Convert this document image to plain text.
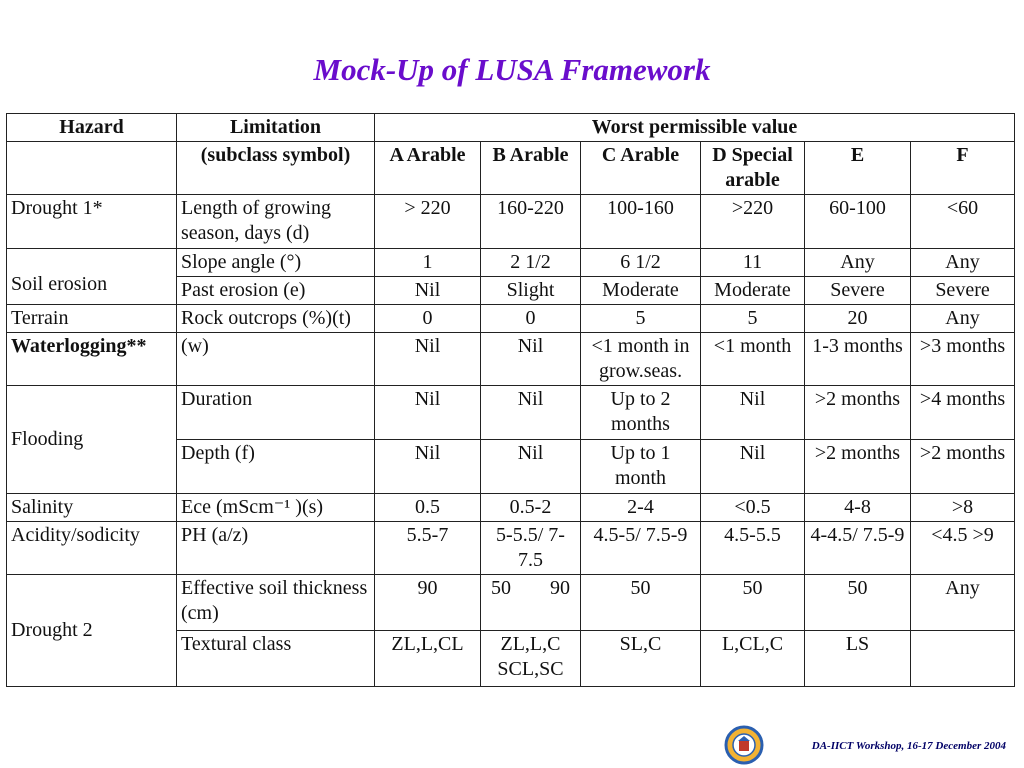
Mock-Up of LUSA Framework
Hazard	Limitation	Worst permissible value					
	(subclass symbol)	A Arable	B Arable	C Arable	D Special arable	E	F
Drought 1*	Length of growing season, days (d)	> 220	160-220	100-160	>220	60-100	<60
	Slope angle (°)	1	2 1/2	6 1/2	11	Any	Any
Soil erosion	Past erosion (e)	Nil	Slight	Moderate	Moderate	Severe	Severe
Terrain	Rock outcrops (%)(t)	0	0	5	5	20	Any
Waterlogging**	(w)	Nil	Nil	<1 month in grow.seas.	<1 month	1-3 months	>3 months
Flooding	Duration	Nil	Nil	Up to 2 months	Nil	>2 months	>4 months
	Depth (f)	Nil	Nil	Up to 1 month	Nil	>2 months	>2 months
Salinity	Ece (mScm⁻¹ )(s)	0.5	0.5-2	2-4	<0.5	4-8	>8
Acidity/sodicity	PH (a/z)	5.5-7	5-5.5/ 7-7.5	4.5-5/ 7.5-9	4.5-5.5	4-4.5/ 7.5-9	<4.5 >9
Drought 2	Effective soil thickness (cm)	90	50 90	50	50	50	Any
	Textural class	ZL,L,CL	ZL,L,C SCL,SC	SL,C	L,CL,C	LS	
DA-IICT Workshop, 16-17 December 2004
